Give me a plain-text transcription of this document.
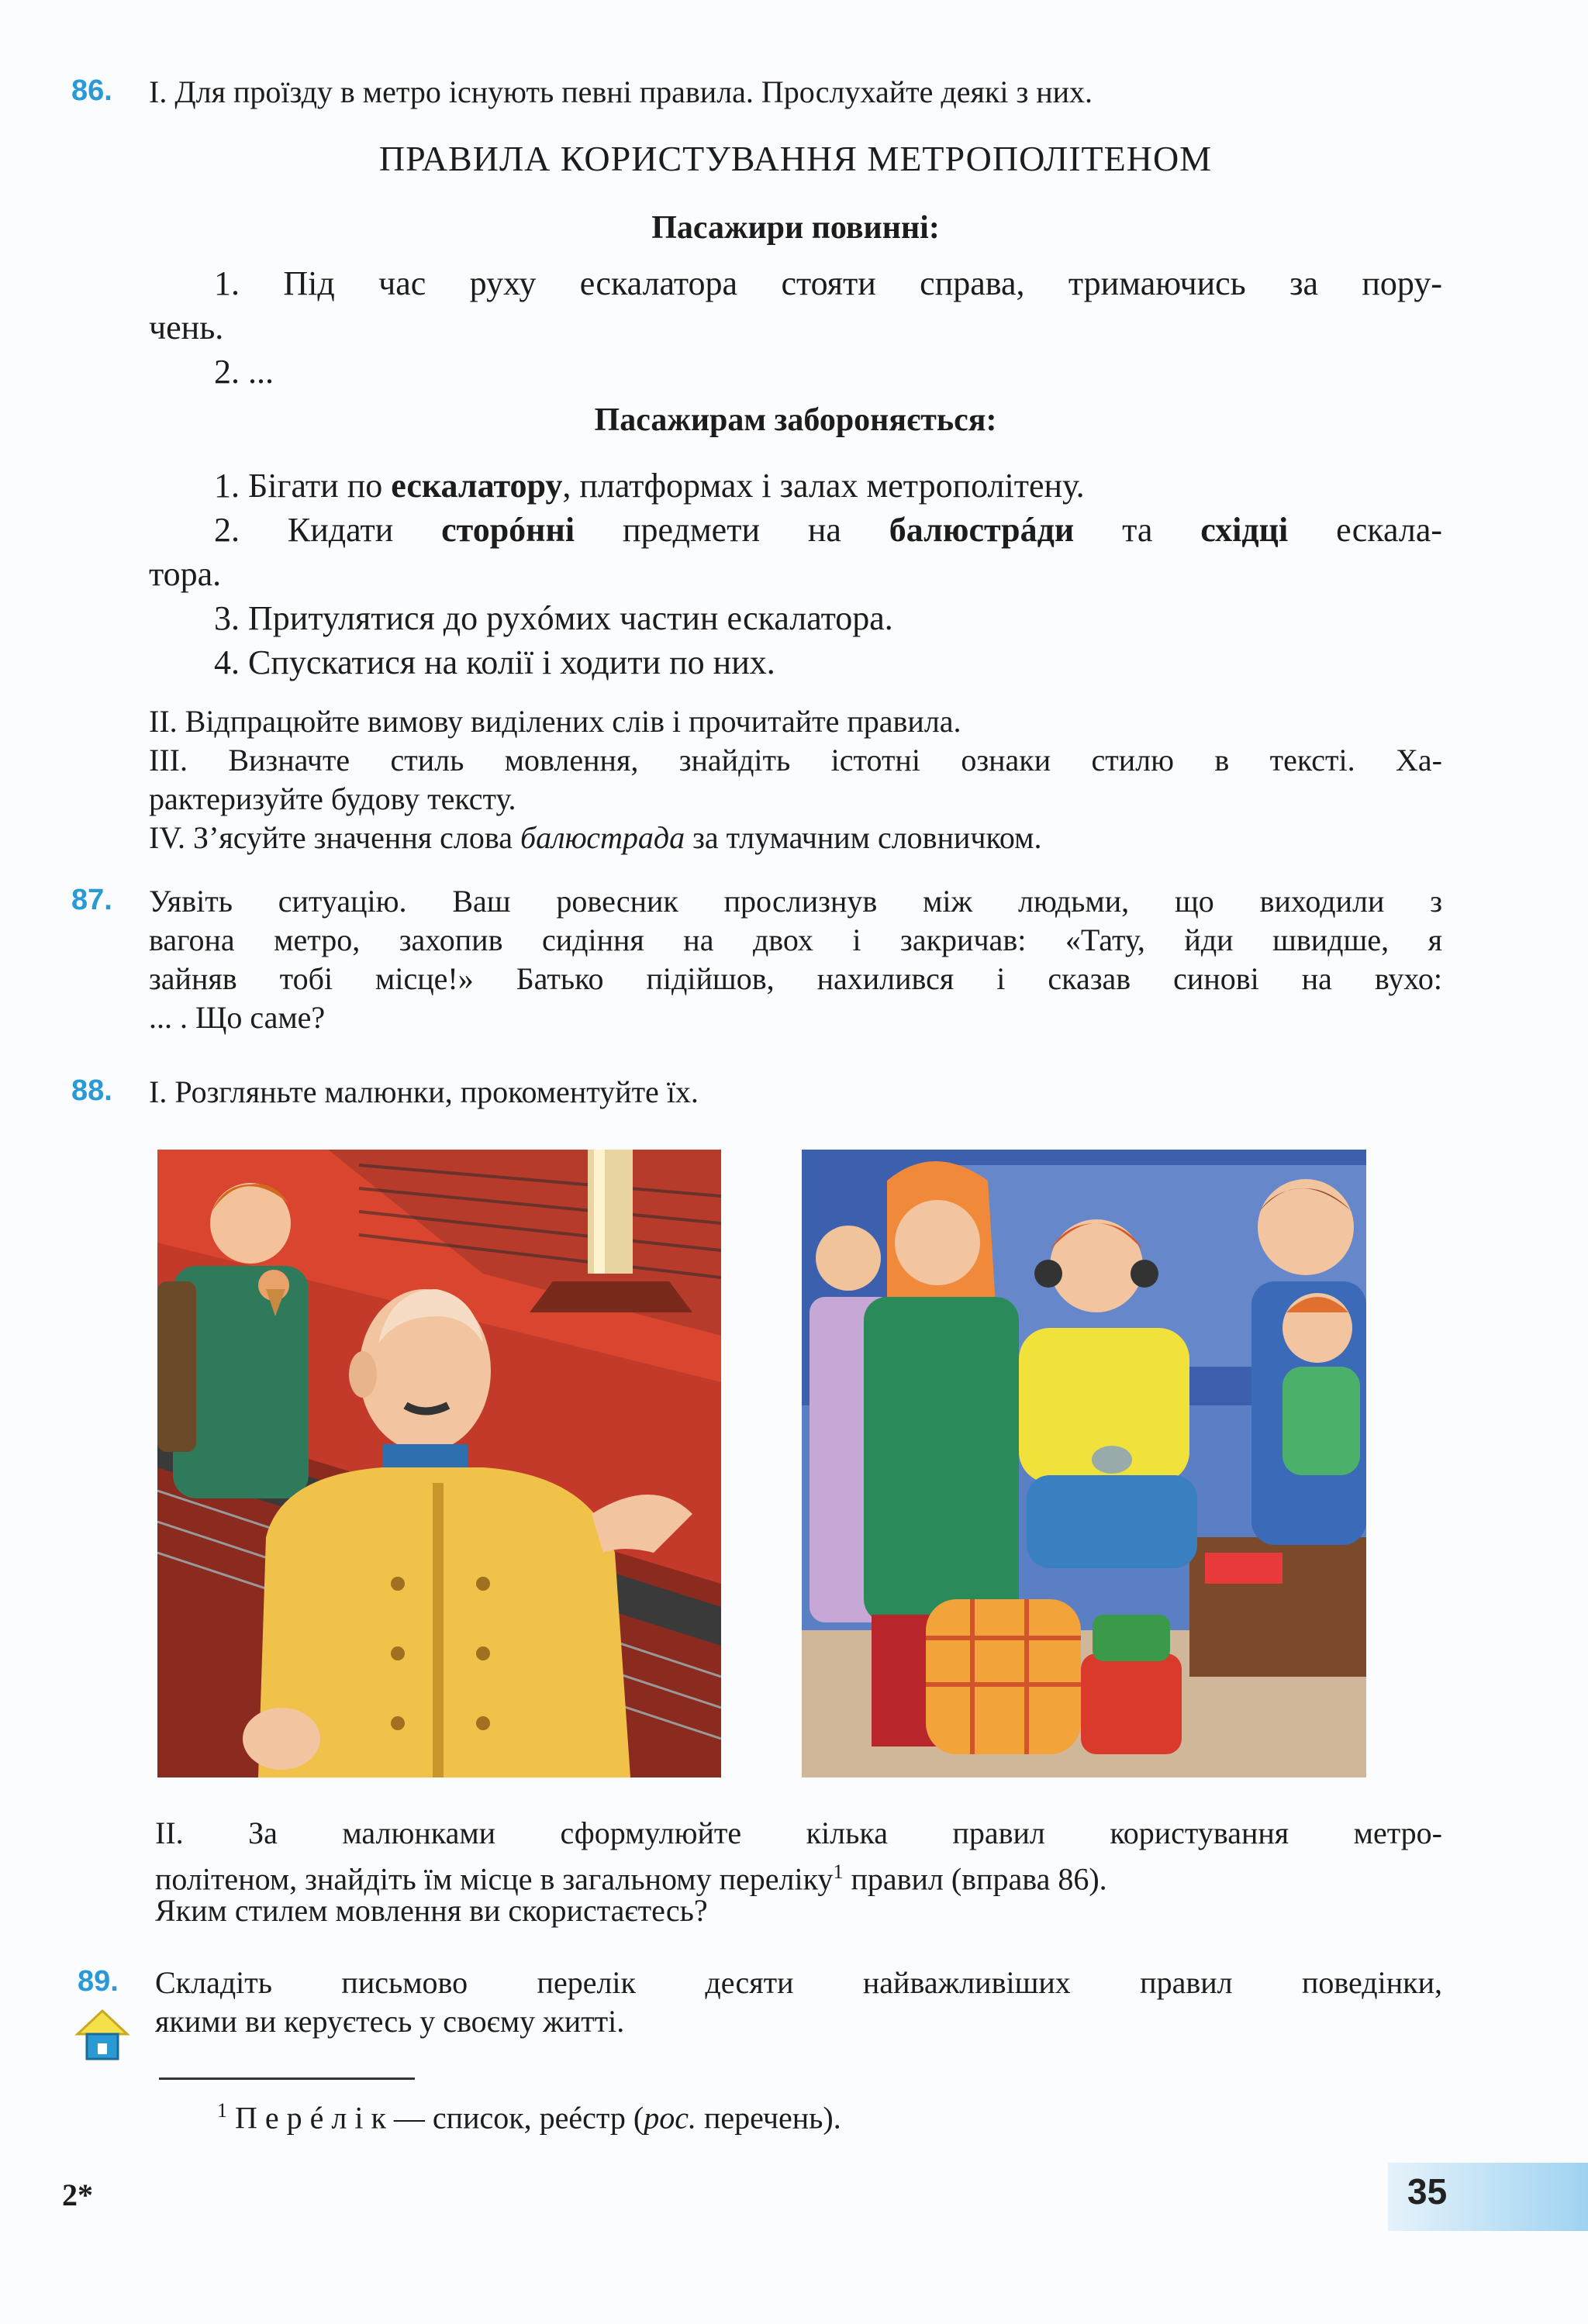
86. І. Для проїзду в метро існують певні правила. Прослухайте деякі з них.
ПРАВИЛА КОРИСТУВАННЯ МЕТРОПОЛІТЕНОМ
Пасажири повинні:
1. Під час руху ескалатора стояти справа, тримаючись за пору-
чень.
2. ...
Пасажирам забороняється:
1. Бігати по ескалатору, платформах і залах метрополітену.
2. Кидати сторóнні предмети на балюстрáди та східці ескала-
тора.
3. Притулятися до рухóмих частин ескалатора.
4. Спускатися на колії і ходити по них.
ІІ. Відпрацюйте вимову виділених слів і прочитайте правила.
ІІІ. Визначте стиль мовлення, знайдіть істотні ознаки стилю в тексті. Ха-
рактеризуйте будову тексту.
IV. З’ясуйте значення слова балюстрада за тлумачним словничком.
87. Уявіть ситуацію. Ваш ровесник прослизнув між людьми, що виходили з
вагона метро, захопив сидіння на двох і закричав: «Тату, йди швидше, я
зайняв тобі місце!» Батько підійшов, нахилився і сказав синові на вухо:
... . Що саме?
88. І. Розгляньте малюнки, прокоментуйте їх.
ІІ. За малюнками сформулюйте кілька правил користування метро-
політеном, знайдіть їм місце в загальному переліку$^1$ правил (вправа 86).
Яким стилем мовлення ви скористаєтесь?
89. Складіть письмово перелік десяти найважливіших правил поведінки,
якими ви керуєтесь у своєму житті.
$^1$ П е р é л і к — список, реéстр (рос. перечень).
2*	35
